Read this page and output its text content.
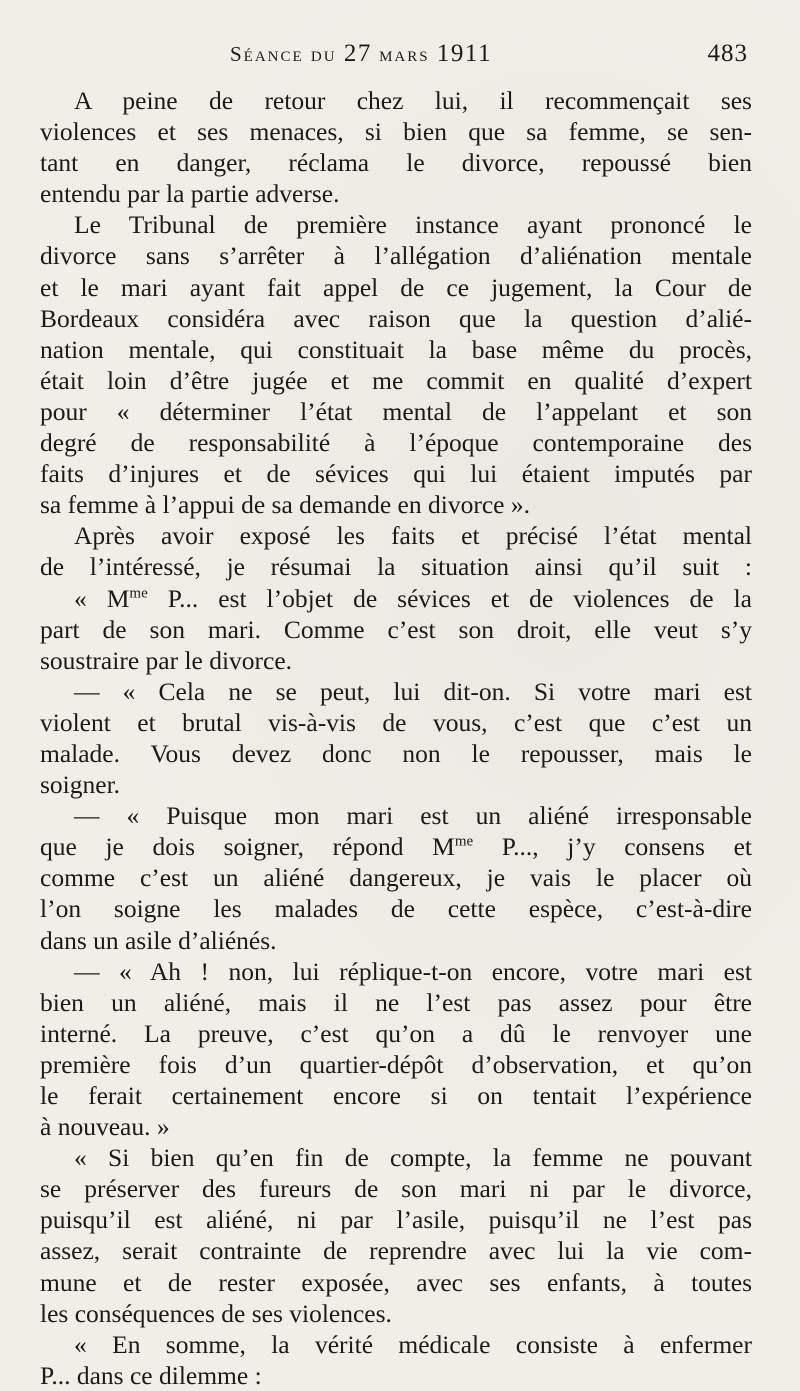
Séance du 27 mars 1911	483
A peine de retour chez lui, il recommençait ses
violences et ses menaces, si bien que sa femme, se sen-
tant en danger, réclama le divorce, repoussé bien
entendu par la partie adverse.
Le Tribunal de première instance ayant prononcé le
divorce sans s’arrêter à l’allégation d’aliénation mentale
et le mari ayant fait appel de ce jugement, la Cour de
Bordeaux considéra avec raison que la question d’alié-
nation mentale, qui constituait la base même du procès,
était loin d’être jugée et me commit en qualité d’expert
pour « déterminer l’état mental de l’appelant et son
degré de responsabilité à l’époque contemporaine des
faits d’injures et de sévices qui lui étaient imputés par
sa femme à l’appui de sa demande en divorce ».
Après avoir exposé les faits et précisé l’état mental
de l’intéressé, je résumai la situation ainsi qu’il suit :
« $M^{me}$ P... est l’objet de sévices et de violences de la
part de son mari. Comme c’est son droit, elle veut s’y
soustraire par le divorce.
— « Cela ne se peut, lui dit-on. Si votre mari est
violent et brutal vis-à-vis de vous, c’est que c’est un
malade. Vous devez donc non le repousser, mais le
soigner.
— « Puisque mon mari est un aliéné irresponsable
que je dois soigner, répond $M^{me}$ P..., j’y consens et
comme c’est un aliéné dangereux, je vais le placer où
l’on soigne les malades de cette espèce, c’est-à-dire
dans un asile d’aliénés.
— « Ah ! non, lui réplique-t-on encore, votre mari est
bien un aliéné, mais il ne l’est pas assez pour être
interné. La preuve, c’est qu’on a dû le renvoyer une
première fois d’un quartier-dépôt d’observation, et qu’on
le ferait certainement encore si on tentait l’expérience
à nouveau. »
« Si bien qu’en fin de compte, la femme ne pouvant
se préserver des fureurs de son mari ni par le divorce,
puisqu’il est aliéné, ni par l’asile, puisqu’il ne l’est pas
assez, serait contrainte de reprendre avec lui la vie com-
mune et de rester exposée, avec ses enfants, à toutes
les conséquences de ses violences.
« En somme, la vérité médicale consiste à enfermer
P... dans ce dilemme :
